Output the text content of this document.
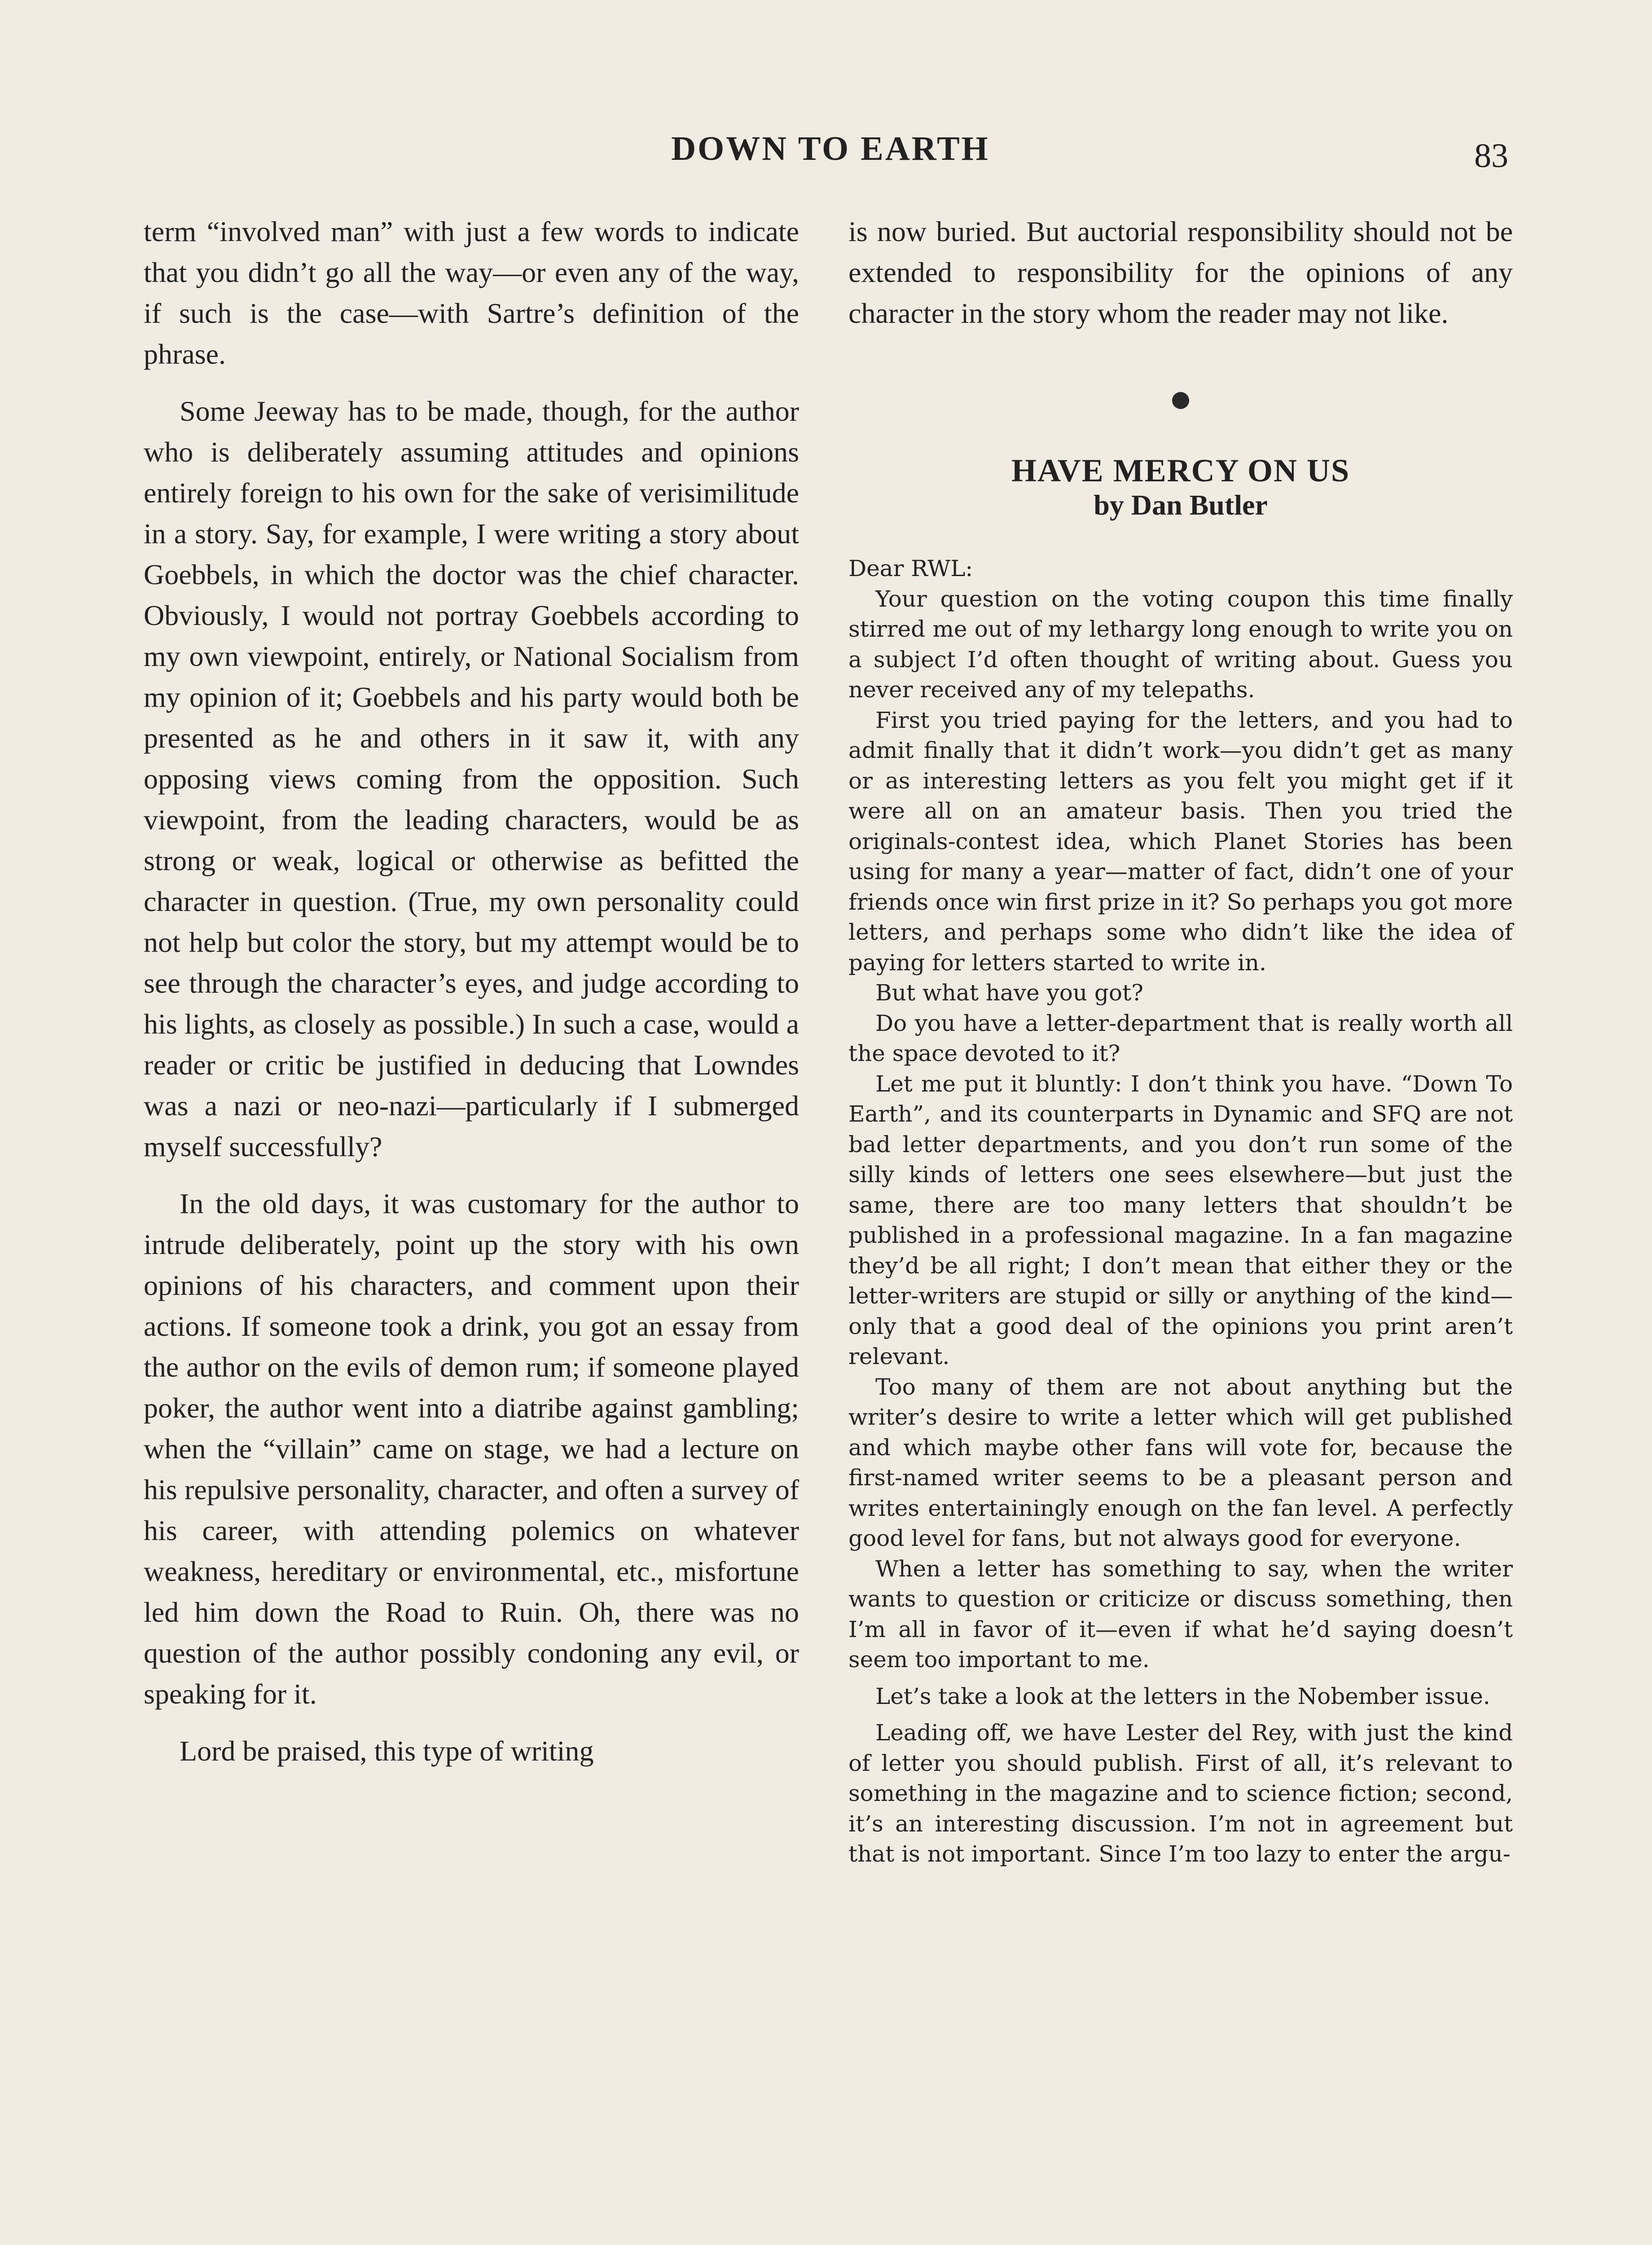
DOWN TO EARTH	83

term “involved man” with just a few words to indicate that you didn’t go all the way—or even any of the way, if such is the case—with Sartre’s definition of the phrase.

Some Jeeway has to be made, though, for the author who is deliberately assuming attitudes and opinions entirely foreign to his own for the sake of verisimilitude in a story. Say, for example, I were writing a story about Goebbels, in which the doctor was the chief character. Obviously, I would not portray Goebbels according to my own viewpoint, entirely, or National Socialism from my opinion of it; Goebbels and his party would both be presented as he and others in it saw it, with any opposing views coming from the opposition. Such viewpoint, from the leading characters, would be as strong or weak, logical or otherwise as befitted the character in question. (True, my own personality could not help but color the story, but my attempt would be to see through the character’s eyes, and judge according to his lights, as closely as possible.) In such a case, would a reader or critic be justified in deducing that Lowndes was a nazi or neo-nazi—particularly if I submerged myself successfully?

In the old days, it was customary for the author to intrude deliberately, point up the story with his own opinions of his characters, and comment upon their actions. If someone took a drink, you got an essay from the author on the evils of demon rum; if someone played poker, the author went into a diatribe against gambling; when the “villain” came on stage, we had a lecture on his repulsive personality, character, and often a survey of his career, with attending polemics on whatever weakness, hereditary or environmental, etc., misfortune led him down the Road to Ruin. Oh, there was no question of the author possibly condoning any evil, or speaking for it.

Lord be praised, this type of writing

is now buried. But auctorial responsibility should not be extended to responsibility for the opinions of any character in the story whom the reader may not like.

HAVE MERCY ON US
by Dan Butler

Dear RWL:

Your question on the voting coupon this time finally stirred me out of my lethargy long enough to write you on a subject I’d often thought of writing about. Guess you never received any of my telepaths.

First you tried paying for the letters, and you had to admit finally that it didn’t work—you didn’t get as many or as interesting letters as you felt you might get if it were all on an amateur basis. Then you tried the originals-contest idea, which Planet Stories has been using for many a year—matter of fact, didn’t one of your friends once win first prize in it? So perhaps you got more letters, and perhaps some who didn’t like the idea of paying for letters started to write in.

But what have you got?

Do you have a letter-department that is really worth all the space devoted to it?

Let me put it bluntly: I don’t think you have. “Down To Earth”, and its counterparts in Dynamic and SFQ are not bad letter departments, and you don’t run some of the silly kinds of letters one sees elsewhere—but just the same, there are too many letters that shouldn’t be published in a professional magazine. In a fan magazine they’d be all right; I don’t mean that either they or the letter-writers are stupid or silly or anything of the kind—only that a good deal of the opinions you print aren’t relevant.

Too many of them are not about anything but the writer’s desire to write a letter which will get published and which maybe other fans will vote for, because the first-named writer seems to be a pleasant person and writes entertainingly enough on the fan level. A perfectly good level for fans, but not always good for everyone.

When a letter has something to say, when the writer wants to question or criticize or discuss something, then I’m all in favor of it—even if what he’d saying doesn’t seem too important to me.

Let’s take a look at the letters in the Nobember issue.

Leading off, we have Lester del Rey, with just the kind of letter you should publish. First of all, it’s relevant to something in the magazine and to science fiction; second, it’s an interesting discussion. I’m not in agreement but that is not important. Since I’m too lazy to enter the argu-
